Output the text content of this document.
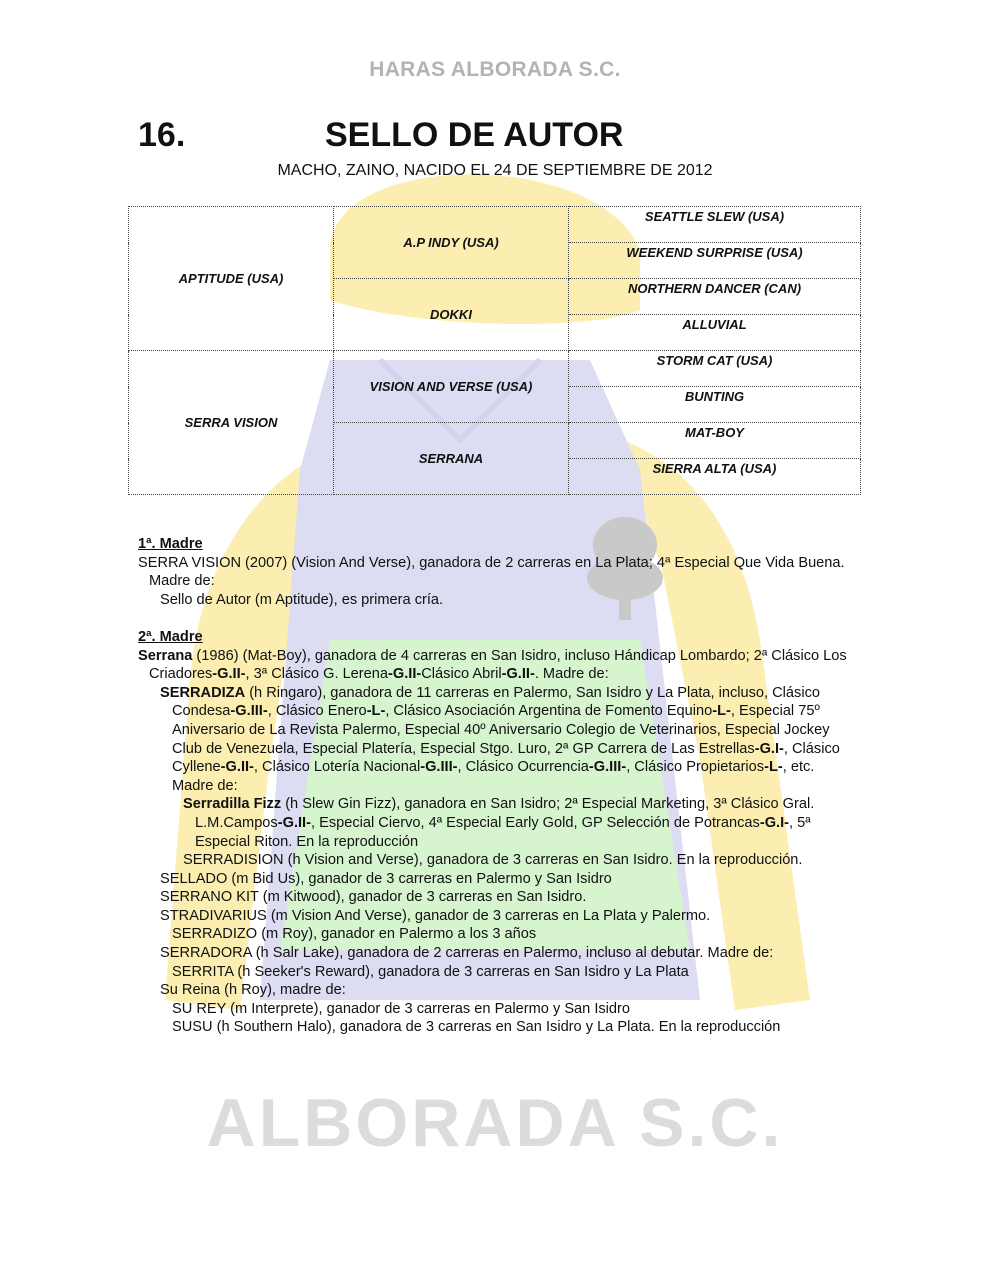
HARAS ALBORADA S.C.
16.	SELLO DE AUTOR
MACHO, ZAINO, NACIDO EL 24 DE SEPTIEMBRE DE 2012
APTITUDE (USA)	A.P INDY (USA)	SEATTLE SLEW (USA)
		WEEKEND SURPRISE (USA)
	DOKKI	NORTHERN DANCER (CAN)
		ALLUVIAL
SERRA VISION	VISION AND VERSE (USA)	STORM CAT (USA)
		BUNTING
	SERRANA	MAT-BOY
		SIERRA ALTA (USA)

1ª. Madre

SERRA VISION (2007) (Vision And Verse), ganadora de 2 carreras en La Plata; 4ª Especial Que Vida Buena. Madre de:

Sello de Autor (m Aptitude), es primera cría.

2ª. Madre

Serrana (1986) (Mat-Boy), ganadora de 4 carreras en San Isidro, incluso Hándicap Lombardo; 2ª Clásico Los Criadores-G.II-, 3ª Clásico G. Lerena-G.II-Clásico Abril-G.II-. Madre de:

SERRADIZA (h Ringaro), ganadora de 11 carreras en Palermo, San Isidro y La Plata, incluso, Clásico Condesa-G.III-, Clásico Enero-L-, Clásico Asociación Argentina de Fomento Equino-L-, Especial 75º Aniversario de La Revista Palermo, Especial 40º Aniversario Colegio de Veterinarios, Especial Jockey Club de Venezuela, Especial Platería, Especial Stgo. Luro, 2ª GP Carrera de Las Estrellas-G.I-, Clásico Cyllene-G.II-, Clásico Lotería Nacional-G.III-, Clásico Ocurrencia-G.III-, Clásico Propietarios-L-, etc. Madre de:

Serradilla Fizz (h Slew Gin Fizz), ganadora en San Isidro; 2ª Especial Marketing, 3ª Clásico Gral. L.M.Campos-G.II-, Especial Ciervo, 4ª Especial Early Gold, GP Selección de Potrancas-G.I-, 5ª Especial Riton. En la reproducción

SERRADISION (h Vision and Verse), ganadora de 3 carreras en San Isidro. En la reproducción.

SELLADO (m Bid Us), ganador de 3 carreras en Palermo y San Isidro

SERRANO KIT (m Kitwood), ganador de 3 carreras en San Isidro.

STRADIVARIUS (m Vision And Verse), ganador de 3 carreras en La Plata y Palermo.

SERRADIZO (m Roy), ganador en Palermo a los 3 años

SERRADORA (h Salr Lake), ganadora de 2 carreras en Palermo, incluso al debutar. Madre de:

SERRITA (h Seeker's Reward), ganadora de 3 carreras en San Isidro y La Plata

Su Reina (h Roy), madre de:

SU REY (m Interprete), ganador de 3 carreras en Palermo y San Isidro

SUSU (h Southern Halo), ganadora de 3 carreras en San Isidro y La Plata. En la reproducción

ALBORADA S.C.
